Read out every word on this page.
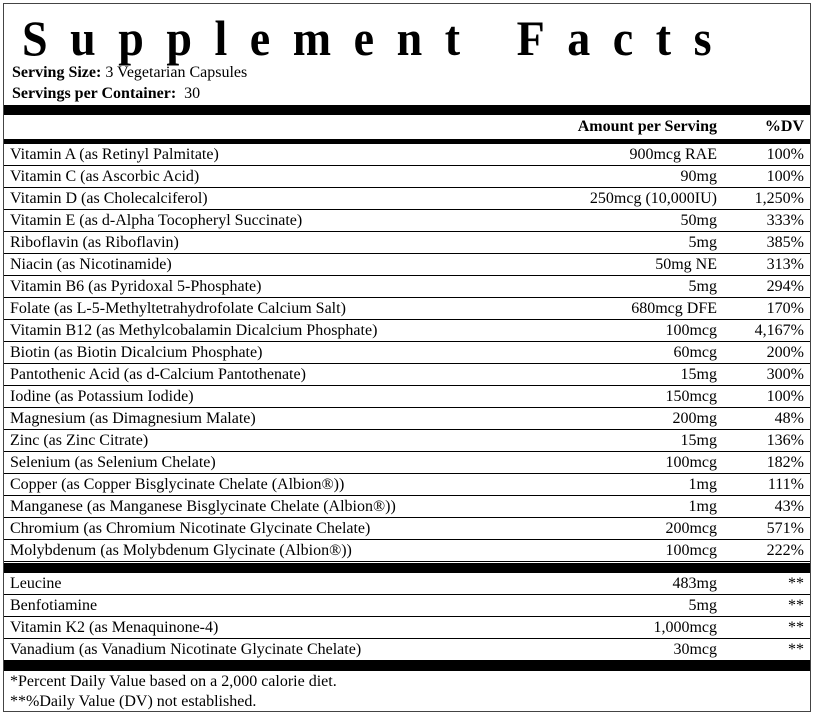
Supplement Facts
Serving Size: 3 Vegetarian Capsules
Servings per Container:  30
Amount per Serving	%DV
Vitamin A (as Retinyl Palmitate)	900mcg RAE	100%
Vitamin C (as Ascorbic Acid)	90mg	100%
Vitamin D (as Cholecalciferol)	250mcg (10,000IU) 1,250%
Vitamin E (as d-Alpha Tocopheryl Succinate)	50mg	333%
Riboflavin (as Riboflavin)	5mg	385%
Niacin (as Nicotinamide)	50mg NE	313%
Vitamin B6 (as Pyridoxal 5-Phosphate)	5mg	294%
Folate (as L-5-Methyltetrahydrofolate Calcium Salt)	680mcg DFE	170%
Vitamin B12 (as Methylcobalamin Dicalcium Phosphate)	100mcg 4,167%
Biotin (as Biotin Dicalcium Phosphate)	60mcg	200%
Pantothenic Acid (as d-Calcium Pantothenate)	15mg	300%
Iodine (as Potassium Iodide)	150mcg	100%
Magnesium (as Dimagnesium Malate)	200mg	48%
Zinc (as Zinc Citrate)	15mg	136%
Selenium (as Selenium Chelate)	100mcg	182%
Copper (as Copper Bisglycinate Chelate (Albion®))	1mg	111%
Manganese (as Manganese Bisglycinate Chelate (Albion®))	1mg	43%
Chromium (as Chromium Nicotinate Glycinate Chelate)	200mcg	571%
Molybdenum (as Molybdenum Glycinate (Albion®))	100mcg	222%
Leucine	483mg	**
Benfotiamine	5mg	**
Vitamin K2 (as Menaquinone-4)	1,000mcg	**
Vanadium (as Vanadium Nicotinate Glycinate Chelate)	30mcg	**
*Percent Daily Value based on a 2,000 calorie diet.
**%Daily Value (DV) not established.
